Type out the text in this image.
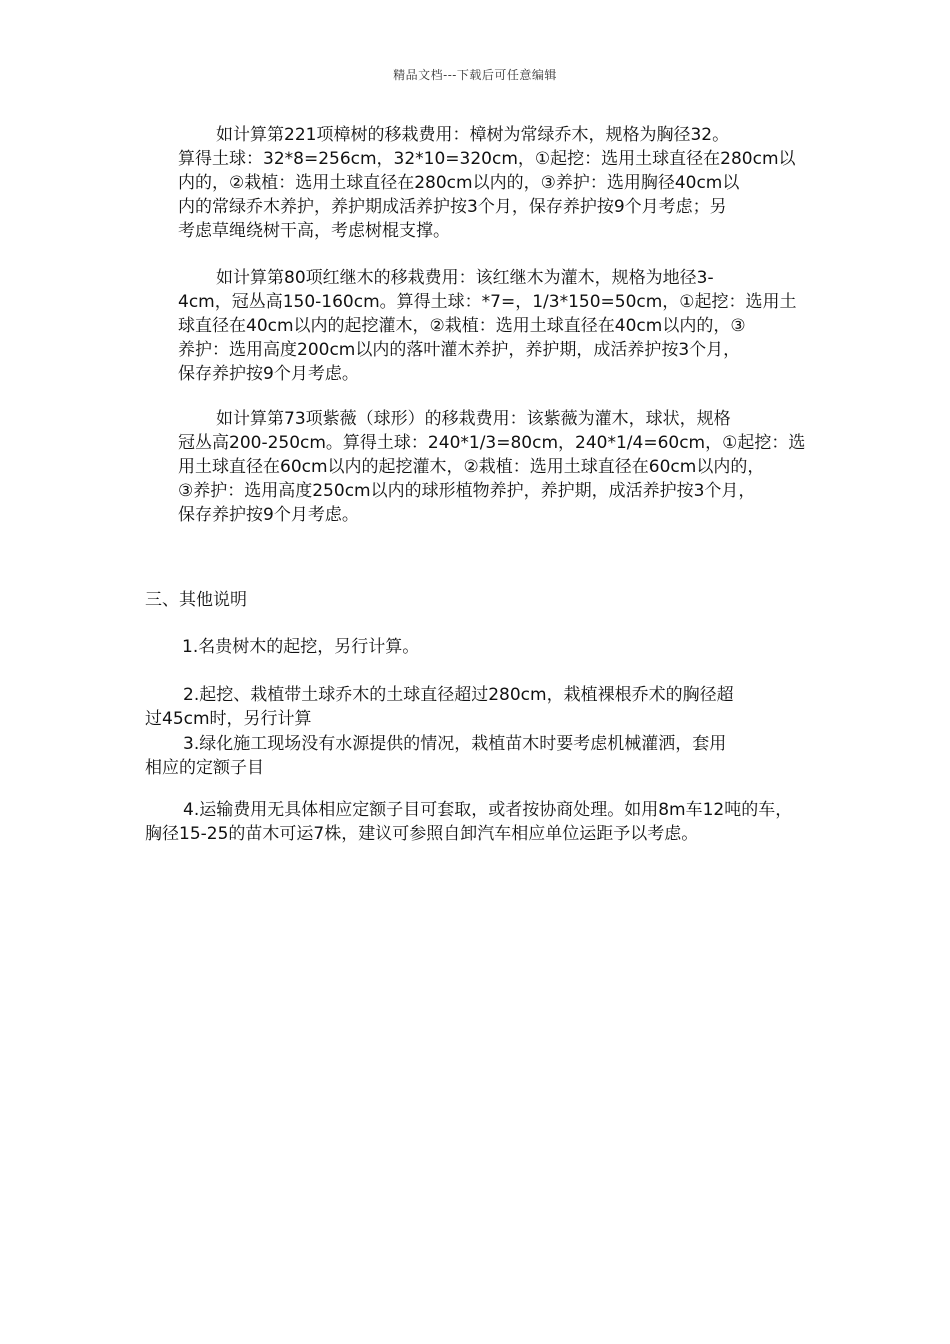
精品文档---下载后可任意编辑
如计算第221项樟树的移栽费用：樟树为常绿乔木，规格为胸径32。
算得土球：32*8=256cm，32*10=320cm，①起挖：选用土球直径在280cm以
内的，②栽植：选用土球直径在280cm以内的，③养护：选用胸径40cm以
内的常绿乔木养护，养护期成活养护按3个月，保存养护按9个月考虑；另
考虑草绳绕树干高，考虑树棍支撑。
如计算第80项红继木的移栽费用：该红继木为灌木，规格为地径3-
4cm，冠丛高150-160cm。算得土球：*7=，1/3*150=50cm，①起挖：选用土
球直径在40cm以内的起挖灌木，②栽植：选用土球直径在40cm以内的，③
养护：选用高度200cm以内的落叶灌木养护，养护期，成活养护按3个月，
保存养护按9个月考虑。
如计算第73项紫薇（球形）的移栽费用：该紫薇为灌木，球状，规格
冠丛高200-250cm。算得土球：240*1/3=80cm，240*1/4=60cm，①起挖：选
用土球直径在60cm以内的起挖灌木，②栽植：选用土球直径在60cm以内的，
③养护：选用高度250cm以内的球形植物养护，养护期，成活养护按3个月，
保存养护按9个月考虑。
三、其他说明
1.名贵树木的起挖，另行计算。
2.起挖、栽植带土球乔木的土球直径超过280cm，栽植裸根乔术的胸径超
过45cm时，另行计算
3.绿化施工现场没有水源提供的情况，栽植苗木时要考虑机械灌洒，套用
相应的定额子目
4.运输费用无具体相应定额子目可套取，或者按协商处理。如用8m车12吨的车，
胸径15-25的苗木可运7株，建议可参照自卸汽车相应单位运距予以考虑。
